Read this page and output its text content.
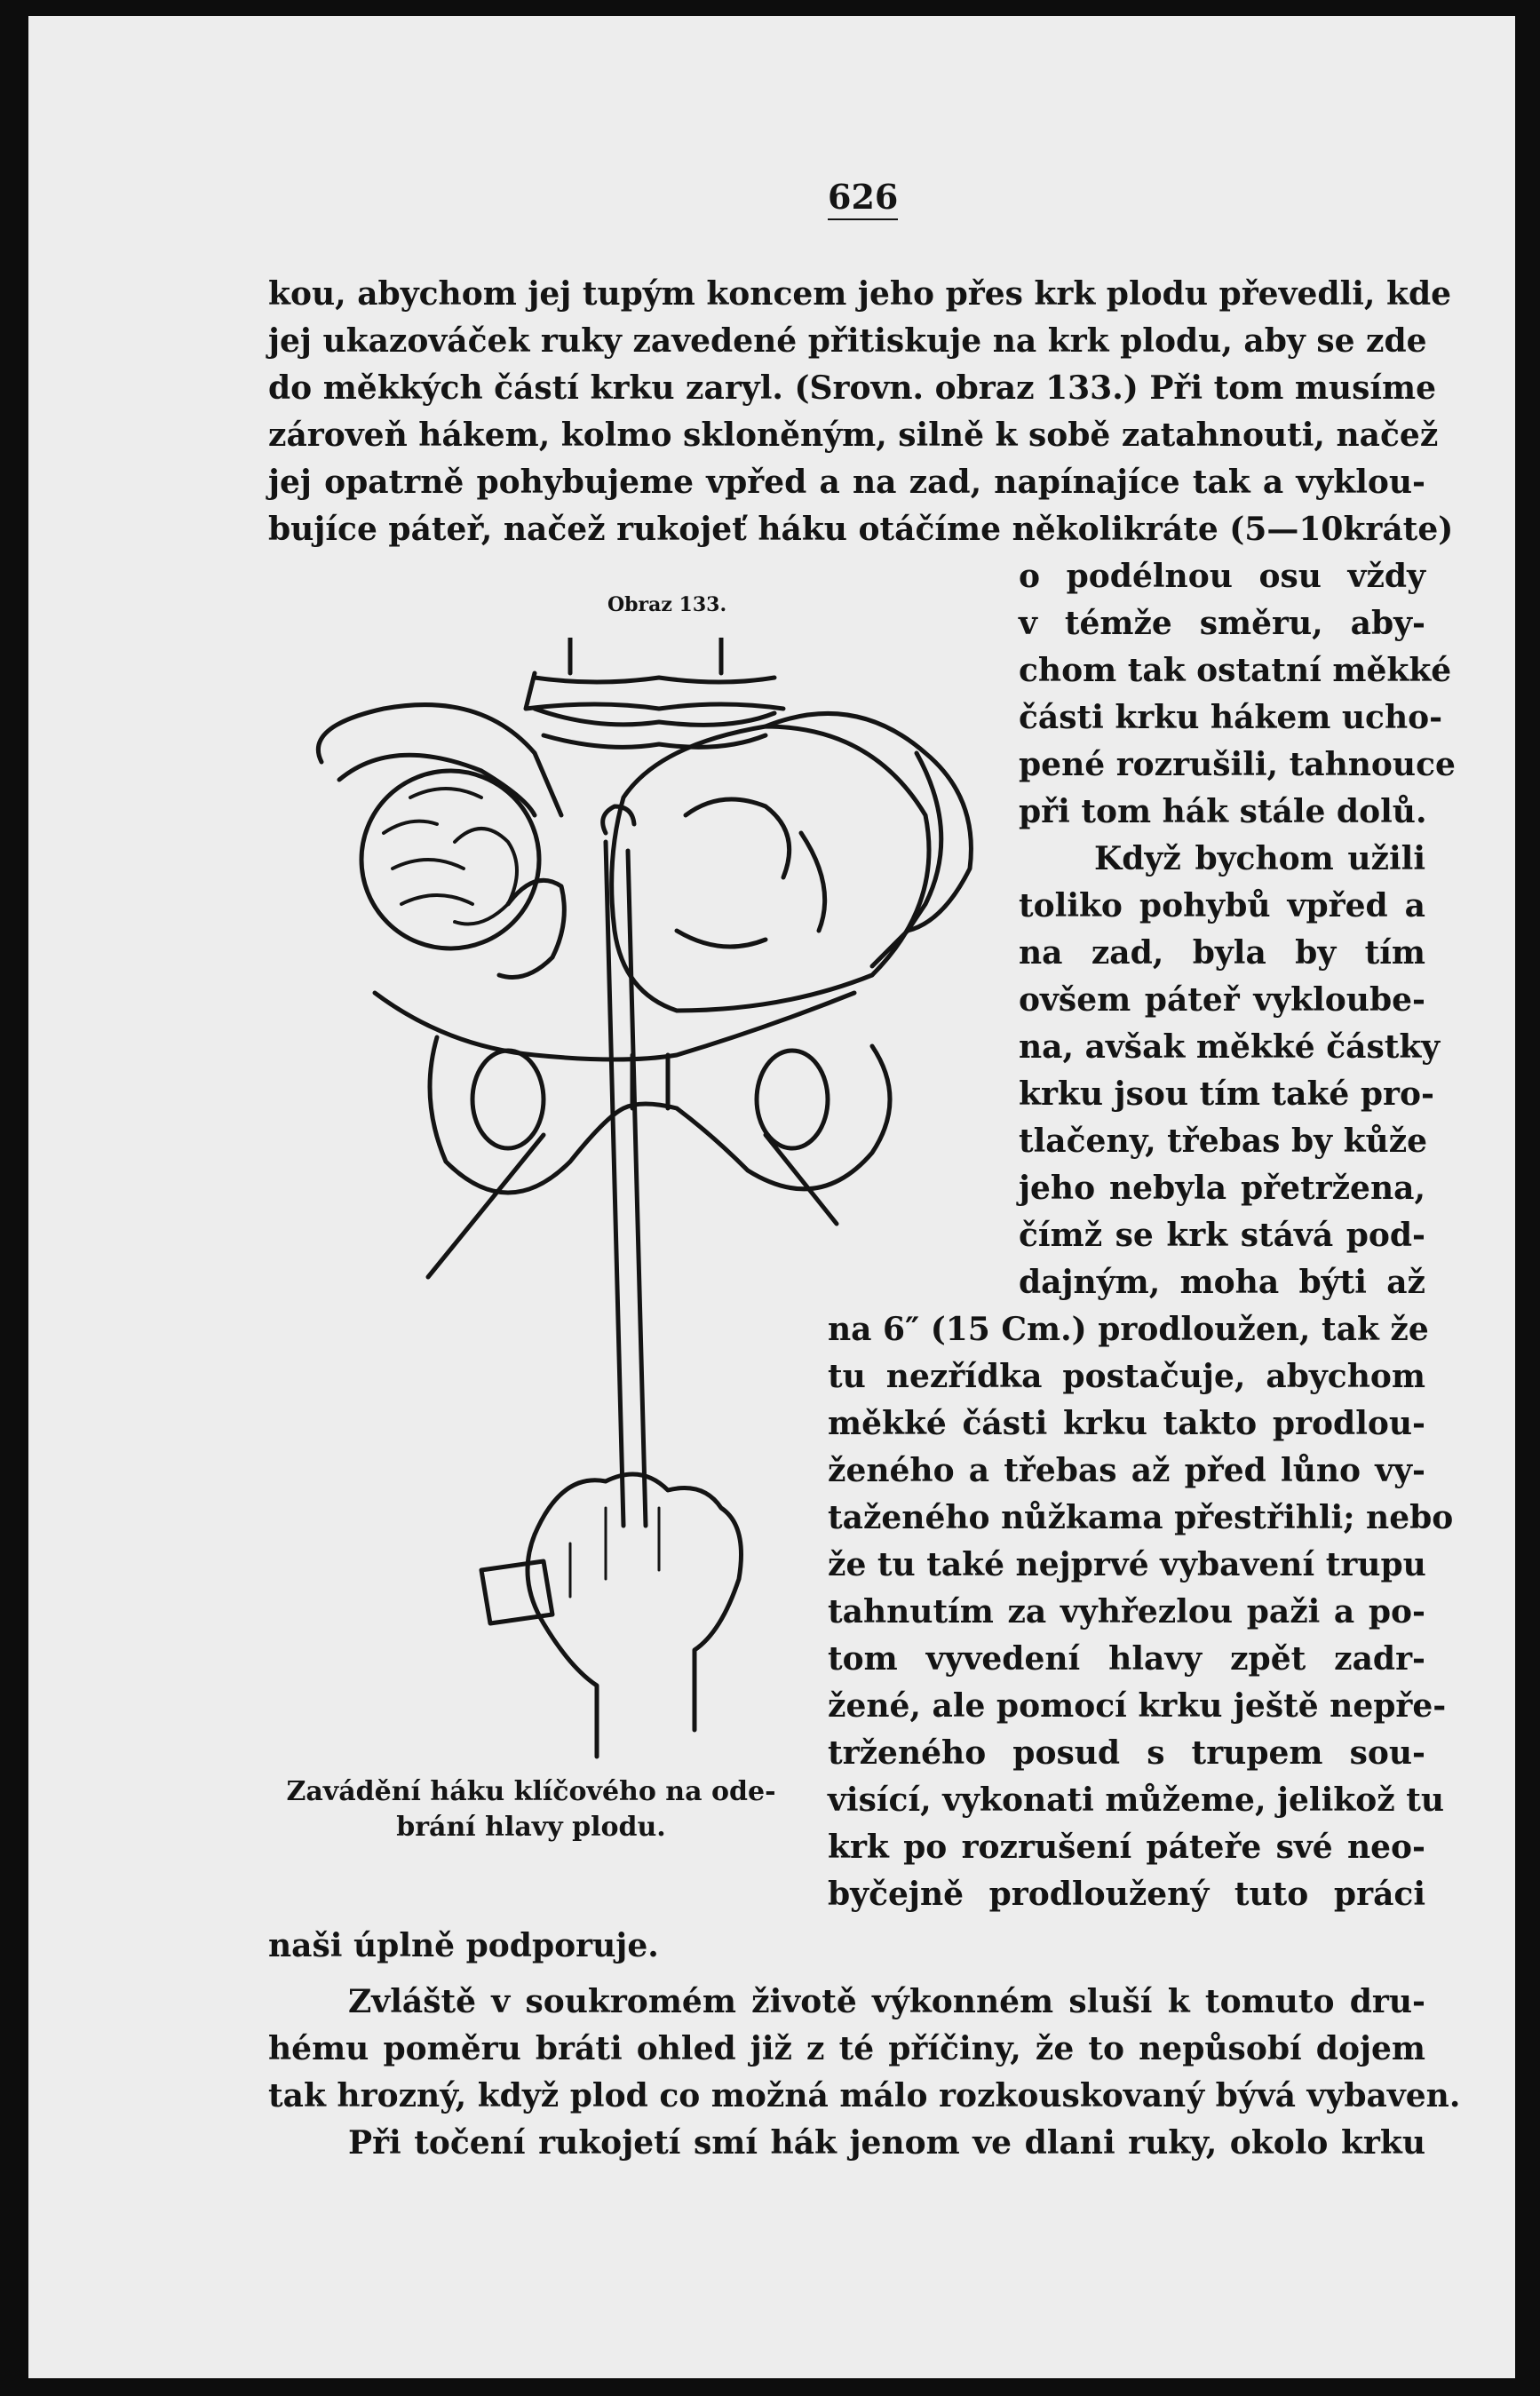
626
kou, abychom jej tupým koncem jeho přes krk plodu převedli, kde
jej ukazováček ruky zavedené přitiskuje na krk plodu, aby se zde
do měkkých částí krku zaryl. (Srovn. obraz 133.) Při tom musíme
zároveň hákem, kolmo skloněným, silně k sobě zatahnouti, načež
jej opatrně pohybujeme vpřed a na zad, napínajíce tak a vyklou-
bujíce páteř, načež rukojeť háku otáčíme několikráte (5—10kráte)
Obraz 133.
Zavádění háku klíčového na ode-
brání hlavy plodu.
o podélnou osu vždy
v témže směru, aby-
chom tak ostatní měkké
části krku hákem ucho-
pené rozrušili, tahnouce
při tom hák stále dolů.
Když bychom užili
toliko pohybů vpřed a
na zad, byla by tím
ovšem páteř vykloube-
na, avšak měkké částky
krku jsou tím také pro-
tlačeny, třebas by kůže
jeho nebyla přetržena,
čímž se krk stává pod-
dajným, moha býti až
na 6″ (15 Cm.) prodloužen, tak že
tu nezřídka postačuje, abychom
měkké části krku takto prodlou-
ženého a třebas až před lůno vy-
taženého nůžkama přestřihli; nebo
že tu také nejprvé vybavení trupu
tahnutím za vyhřezlou paži a po-
tom vyvedení hlavy zpět zadr-
žené, ale pomocí krku ještě nepře-
trženého posud s trupem sou-
visící, vykonati můžeme, jelikož tu
krk po rozrušení páteře své neo-
byčejně prodloužený tuto práci
naši úplně podporuje.
Zvláště v soukromém životě výkonném sluší k tomuto dru-
hému poměru bráti ohled již z té příčiny, že to nepůsobí dojem
tak hrozný, když plod co možná málo rozkouskovaný bývá vybaven.
Při točení rukojetí smí hák jenom ve dlani ruky, okolo krku
